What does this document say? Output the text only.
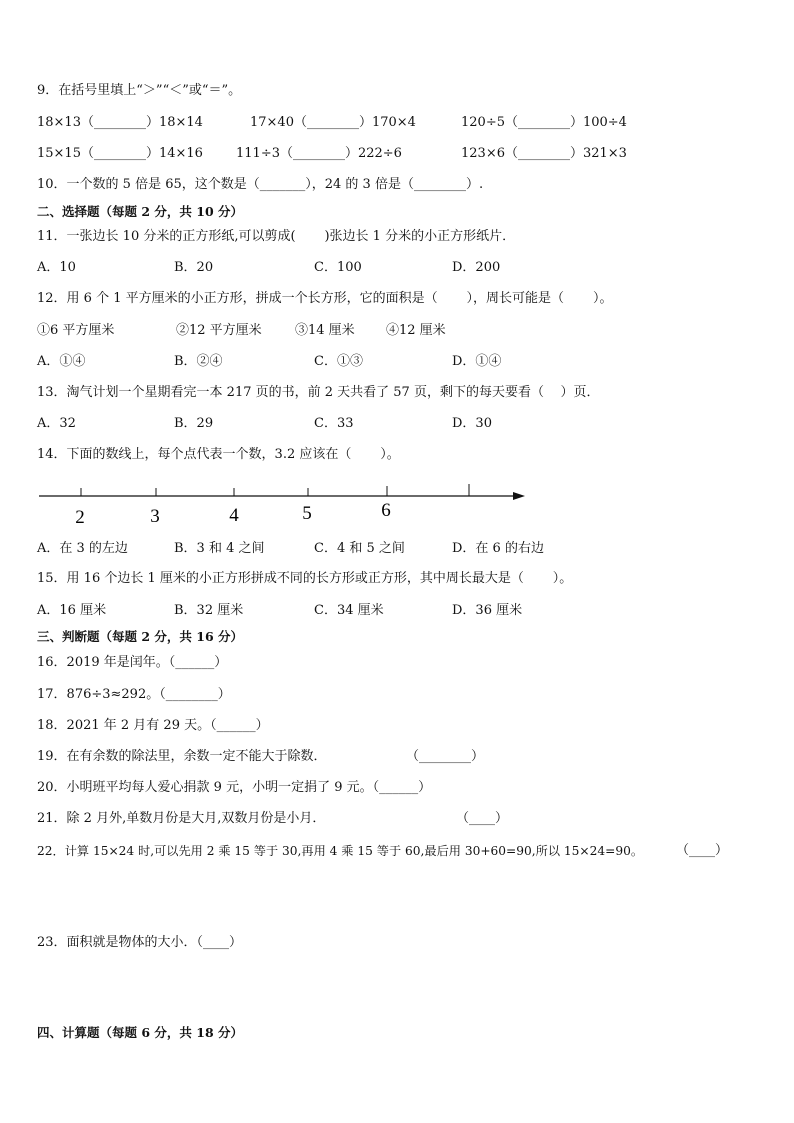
9．在括号里填上“＞”“＜”或“＝”。
18×13（________）18×14	17×40（________）170×4	120÷5（________）100÷4
15×15（________）14×16	111÷3（________）222÷6	123×6（________）321×3
10．一个数的 5 倍是 65，这个数是（_______），24 的 3 倍是（________）.
二、选择题（每题 2 分，共 10 分）
11．一张边长 10 分米的正方形纸,可以剪成(       )张边长 1 分米的小正方形纸片．
A．10	B．20	C．100	D．200
12．用 6 个 1 平方厘米的小正方形，拼成一个长方形，它的面积是（       ），周长可能是（       ）。
①6 平方厘米	②12 平方厘米	③14 厘米 ④12 厘米
A．①④	B．②④	C．①③	D．①④
13．淘气计划一个星期看完一本 217 页的书，前 2 天共看了 57 页，剩下的每天要看（    ）页．
A．32	B．29	C．33	D．30
14．下面的数线上，每个点代表一个数，3.2 应该在（       ）。
2	3	4	5	6
A．在 3 的左边	B．3 和 4 之间	C．4 和 5 之间	D．在 6 的右边
15．用 16 个边长 1 厘米的小正方形拼成不同的长方形或正方形，其中周长最大是（       ）。
A．16 厘米	B．32 厘米	C．34 厘米	D．36 厘米
三、判断题（每题 2 分，共 16 分）
16．2019 年是闰年。（______）
17．876÷3≈292。（________）
18．2021 年 2 月有 29 天。（______）
19．在有余数的除法里，余数一定不能大于除数．	（________）
20．小明班平均每人爱心捐款 9 元，小明一定捐了 9 元。（______）
21．除 2 月外,单数月份是大月,双数月份是小月．	（____）
22．计算 15×24 时,可以先用 2 乘 15 等于 30,再用 4 乘 15 等于 60,最后用 30+60=90,所以 15×24=90。	（____）
23．面积就是物体的大小．（____）
四、计算题（每题 6 分，共 18 分）
